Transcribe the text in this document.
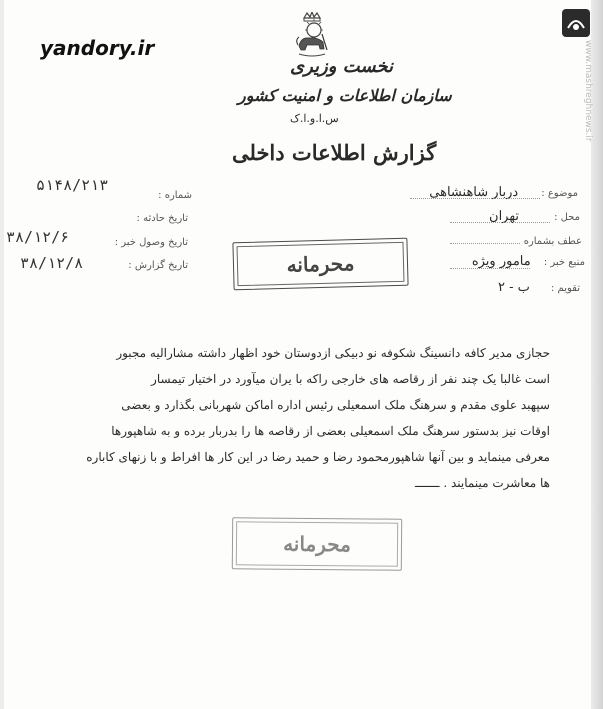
yandory.ir	www.mashreghnews.ir
نخست وزیری
سازمان اطلاعات و امنیت کشور
س.ا.و.ا.ک
گزارش اطلاعات داخلی
موضوع : دربار شاهنشاهی
محل : تهران
عطف بشماره
منبع خبر : مامور ویژه
تقویم : ب - ۲
شماره :
۵۱۴۸/۲۱۳
تاریخ حادثه :
تاریخ وصول خبر :
۳۸/۱۲/۶
تاریخ گزارش :
۳۸/۱۲/۸	محرمانه
حجازی مدیر کافه دانسینگ شکوفه نو دبیکی ازدوستان خود اظهار داشته مشارالیه مجبور
است غالبا یک چند نفر از رقاصه های خارجی راکه با یران میآورد در اختیار تیمسار
سپهبد علوی مقدم و سرهنگ ملک اسمعیلی رئیس اداره اماکن شهربانی بگذارد و بعضی
اوقات نیز بدستور سرهنگ ملک اسمعیلی بعضی از رقاصه ها را بدربار برده و به شاهپورها
معرفی مینماید و بین آنها شاهپورمحمود رضا و حمید رضا در این کار ها افراط و با زنهای کاباره
ها معاشرت مینمایند . ـــــــ
محرمانه
